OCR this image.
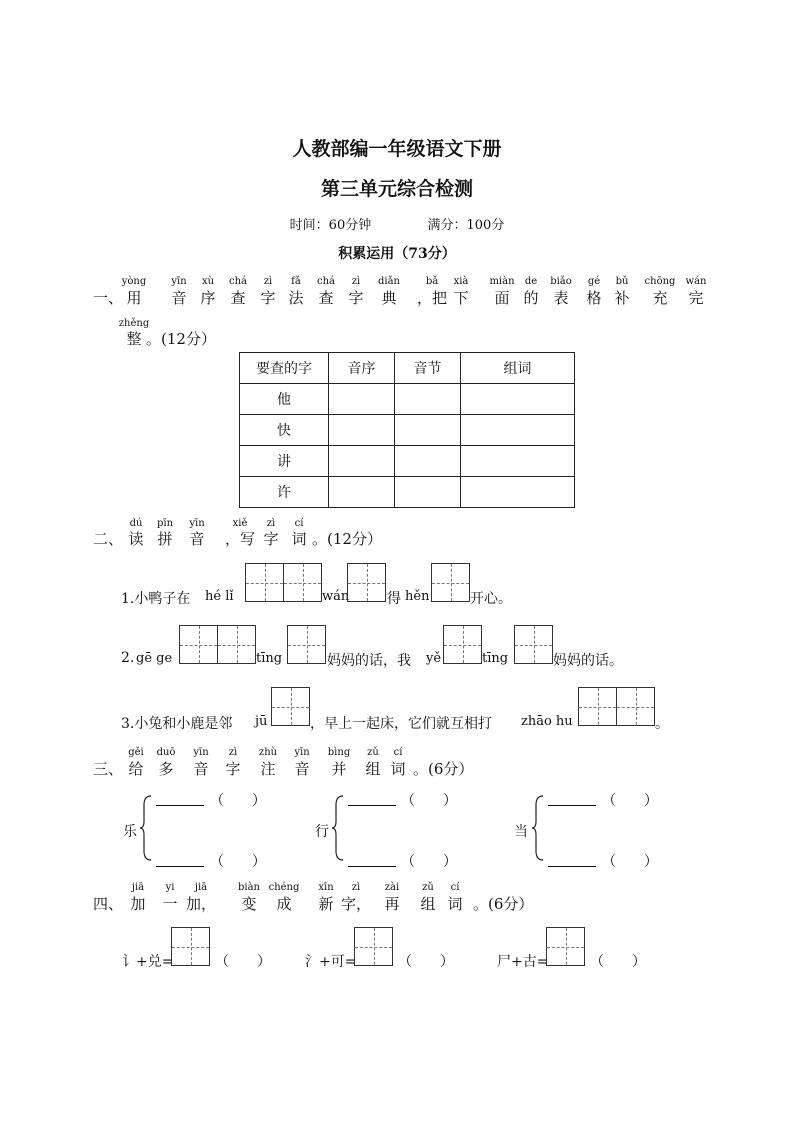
人教部编一年级语文下册
第三单元综合检测
时间：60分钟	满分：100分
积累运用（73分）
一、
yòng
用
yīn
音
xù
序
chá
查
zì
字
fǎ
法
chá
查
zì
字
diǎn
典
bǎ
，把
xià
下
miàn
面
de
的
biǎo
表
gé
格
bǔ
补
chōng
充
wán
完
zhěng
整 。(12分）
要查的字	音序	音节	组词
他			
快			
讲			
许			
二、
dú
读
pīn
拼
yīn
音
xiě
，写
zì
字
cí
词 。(12分）
1.小鸭子在 hé lǐ	wán	得 hěn	开心。
2. gē ge	tīng	妈妈的话，我 yě	tīng	妈妈的话。
3.小兔和小鹿是邻 jū	，早上一起床，它们就互相打 zhāo hu	。
三、
gěi
给
duō
多
yīn
音
zì
字
zhù
注
yīn
音
bìng
并
zǔ
组
cí
词 。(6分）
乐
（　　）
（　　）
行
（　　）
（　　）
当
（　　）
（　　）
四、
jiā
加
yi
一
jiā
加，
biàn
变
chéng
成
xīn
新
zì
字，
zài
再
zǔ
组
cí
词 。(6分）
讠+兑=	（　　） 氵+可=	（　　）	尸+古=	（　　）
